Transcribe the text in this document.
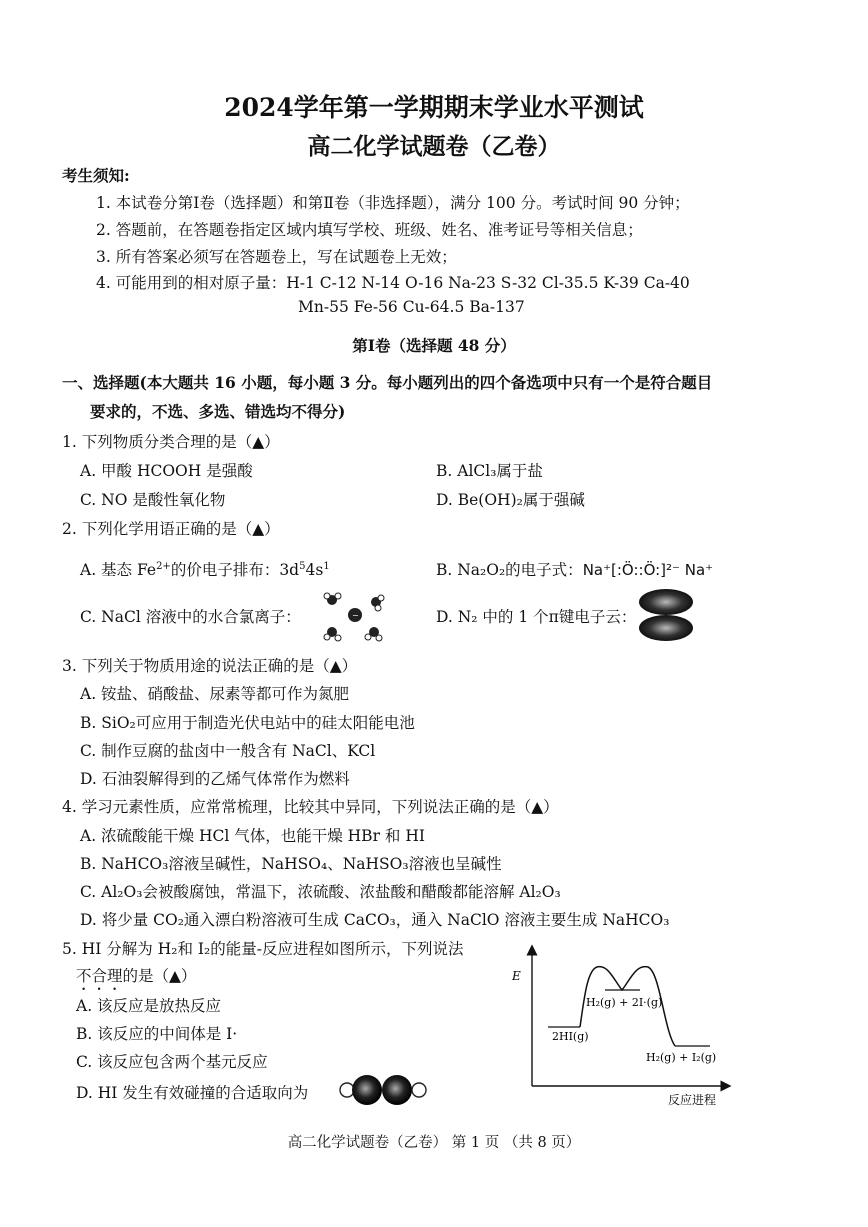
2024学年第一学期期末学业水平测试
高二化学试题卷（乙卷）
考生须知:
1. 本试卷分第Ⅰ卷（选择题）和第Ⅱ卷（非选择题），满分 100 分。考试时间 90 分钟；
2. 答题前，在答题卷指定区域内填写学校、班级、姓名、准考证号等相关信息；
3. 所有答案必须写在答题卷上，写在试题卷上无效；
4. 可能用到的相对原子量：H-1 C-12 N-14 O-16 Na-23 S-32 Cl-35.5 K-39 Ca-40
Mn-55 Fe-56 Cu-64.5 Ba-137
第Ⅰ卷（选择题 48 分）
一、选择题(本大题共 16 小题，每小题 3 分。每小题列出的四个备选项中只有一个是符合题目
要求的，不选、多选、错选均不得分)
1. 下列物质分类合理的是（▲）
A. 甲酸 HCOOH 是强酸	B. AlCl₃属于盐
C. NO 是酸性氧化物	D. Be(OH)₂属于强碱
2. 下列化学用语正确的是（▲）
A. 基态 $Fe^{2+}$的价电子排布：$3d^54s^1$	B. Na₂O₂的电子式：Na⁺[:Ö::Ö:]²⁻ Na⁺
C. NaCl 溶液中的水合氯离子：	−	D. N₂ 中的 1 个π键电子云：
3. 下列关于物质用途的说法正确的是（▲）
A. 铵盐、硝酸盐、尿素等都可作为氮肥
B. SiO₂可应用于制造光伏电站中的硅太阳能电池
C. 制作豆腐的盐卤中一般含有 NaCl、KCl
D. 石油裂解得到的乙烯气体常作为燃料
4. 学习元素性质，应常常梳理，比较其中异同，下列说法正确的是（▲）
A. 浓硫酸能干燥 HCl 气体，也能干燥 HBr 和 HI
B. NaHCO₃溶液呈碱性，NaHSO₄、NaHSO₃溶液也呈碱性
C. Al₂O₃会被酸腐蚀，常温下，浓硫酸、浓盐酸和醋酸都能溶解 Al₂O₃
D. 将少量 CO₂通入漂白粉溶液可生成 CaCO₃，通入 NaClO 溶液主要生成 NaHCO₃
5. HI 分解为 H₂和 I₂的能量-反应进程如图所示，下列说法
不合理的是（▲）
A. 该反应是放热反应
B. 该反应的中间体是 I·
C. 该反应包含两个基元反应
D. HI 发生有效碰撞的合适取向为
E
反应进程
2HI(g)
H₂(g) + 2I·(g)
H₂(g) + I₂(g)
高二化学试题卷（乙卷） 第 1 页 （共 8 页）
